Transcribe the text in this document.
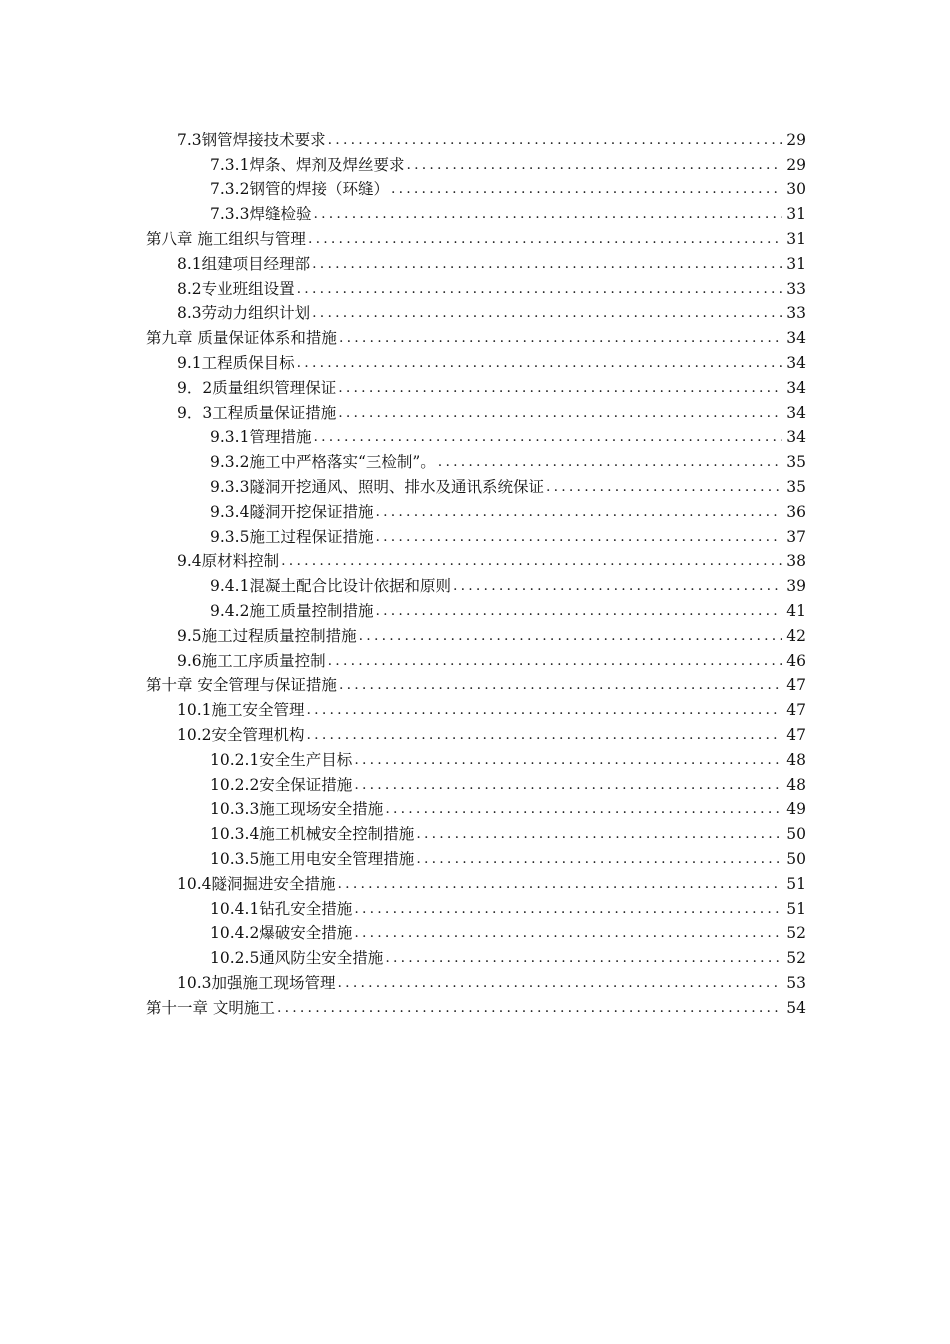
7.3钢管焊接技术要求 .....	29
7.3.1焊条、焊剂及焊丝要求 .....	29
7.3.2钢管的焊接（环缝） .....	30
7.3.3焊缝检验 .....	31
第八章 施工组织与管理 .....	31
8.1组建项目经理部 .....	31
8.2专业班组设置 .....	33
8.3劳动力组织计划 .....	33
第九章 质量保证体系和措施 .....	34
9.1工程质保目标 .....	34
9．2质量组织管理保证 .....	34
9．3工程质量保证措施 .....	34
9.3.1管理措施 .....	34
9.3.2施工中严格落实“三检制”。 .....	35
9.3.3隧洞开挖通风、照明、排水及通讯系统保证 .....	35
9.3.4隧洞开挖保证措施 .....	36
9.3.5施工过程保证措施 .....	37
9.4原材料控制 .....	38
9.4.1混凝土配合比设计依据和原则 .....	39
9.4.2施工质量控制措施 .....	41
9.5施工过程质量控制措施 .....	42
9.6施工工序质量控制 .....	46
第十章 安全管理与保证措施 .....	47
10.1施工安全管理 .....	47
10.2安全管理机构 .....	47
10.2.1安全生产目标 .....	48
10.2.2安全保证措施 .....	48
10.3.3施工现场安全措施 .....	49
10.3.4施工机械安全控制措施 .....	50
10.3.5施工用电安全管理措施 .....	50
10.4隧洞掘进安全措施 .....	51
10.4.1钻孔安全措施 .....	51
10.4.2爆破安全措施 .....	52
10.2.5通风防尘安全措施 .....	52
10.3加强施工现场管理 .....	53
第十一章 文明施工 .....	54
